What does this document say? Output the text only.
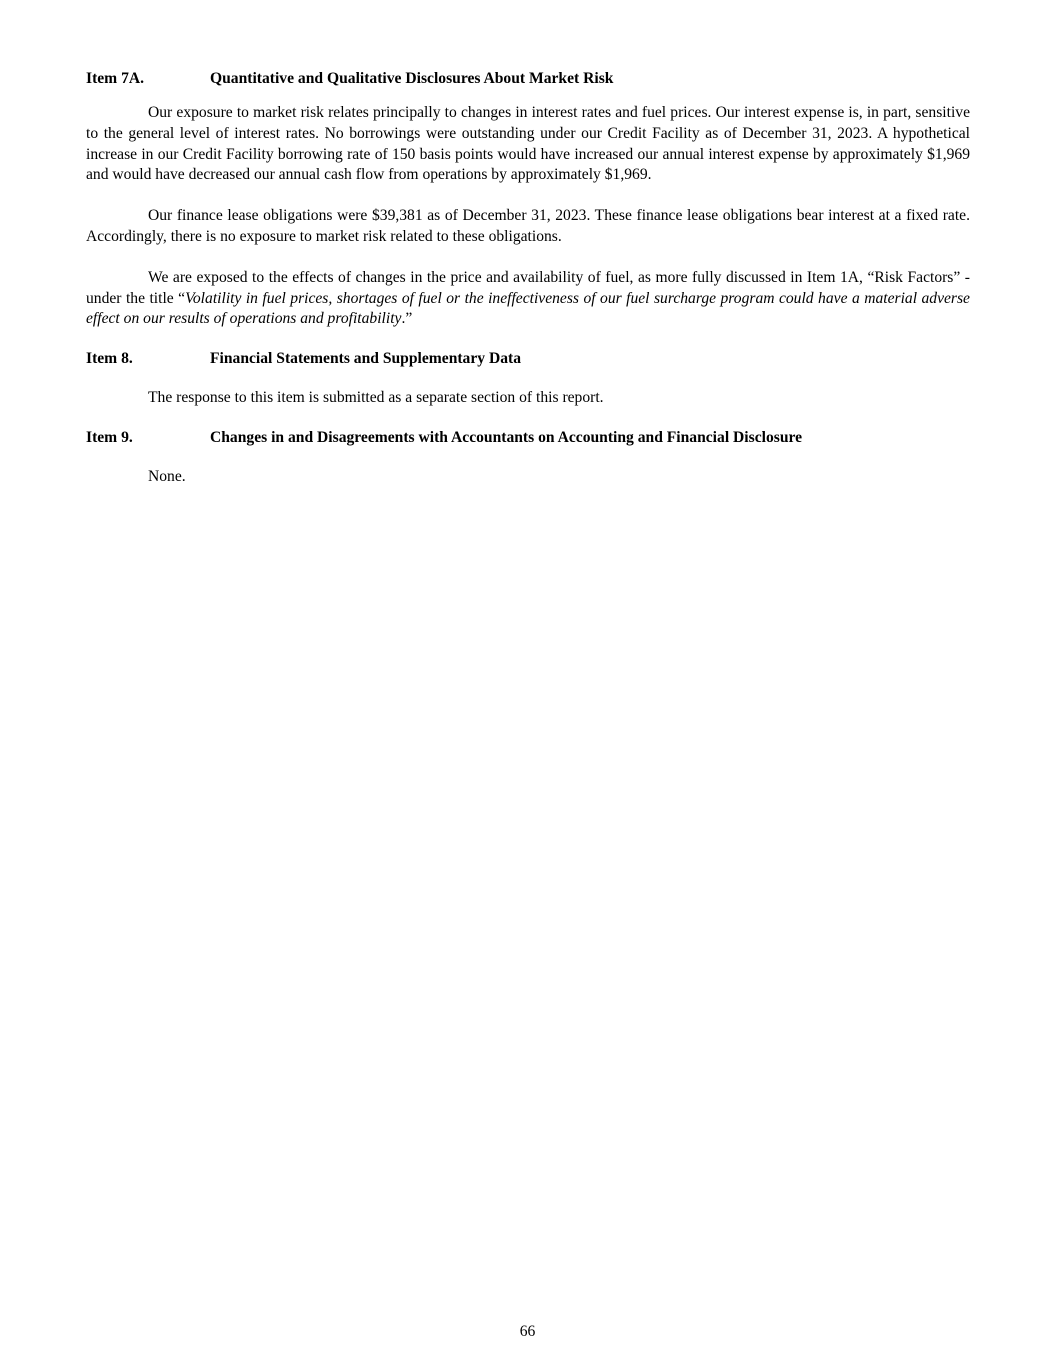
Item 7A.	Quantitative and Qualitative Disclosures About Market Risk

Our exposure to market risk relates principally to changes in interest rates and fuel prices. Our interest expense is, in part, sensitive to the general level of interest rates. No borrowings were outstanding under our Credit Facility as of December 31, 2023. A hypothetical increase in our Credit Facility borrowing rate of 150 basis points would have increased our annual interest expense by approximately $1,969 and would have decreased our annual cash flow from operations by approximately $1,969.

Our finance lease obligations were $39,381 as of December 31, 2023. These finance lease obligations bear interest at a fixed rate. Accordingly, there is no exposure to market risk related to these obligations.

We are exposed to the effects of changes in the price and availability of fuel, as more fully discussed in Item 1A, “Risk Factors” - under the title “Volatility in fuel prices, shortages of fuel or the ineffectiveness of our fuel surcharge program could have a material adverse effect on our results of operations and profitability.”

Item 8.	Financial Statements and Supplementary Data

The response to this item is submitted as a separate section of this report.

Item 9.	Changes in and Disagreements with Accountants on Accounting and Financial Disclosure

None.

66
